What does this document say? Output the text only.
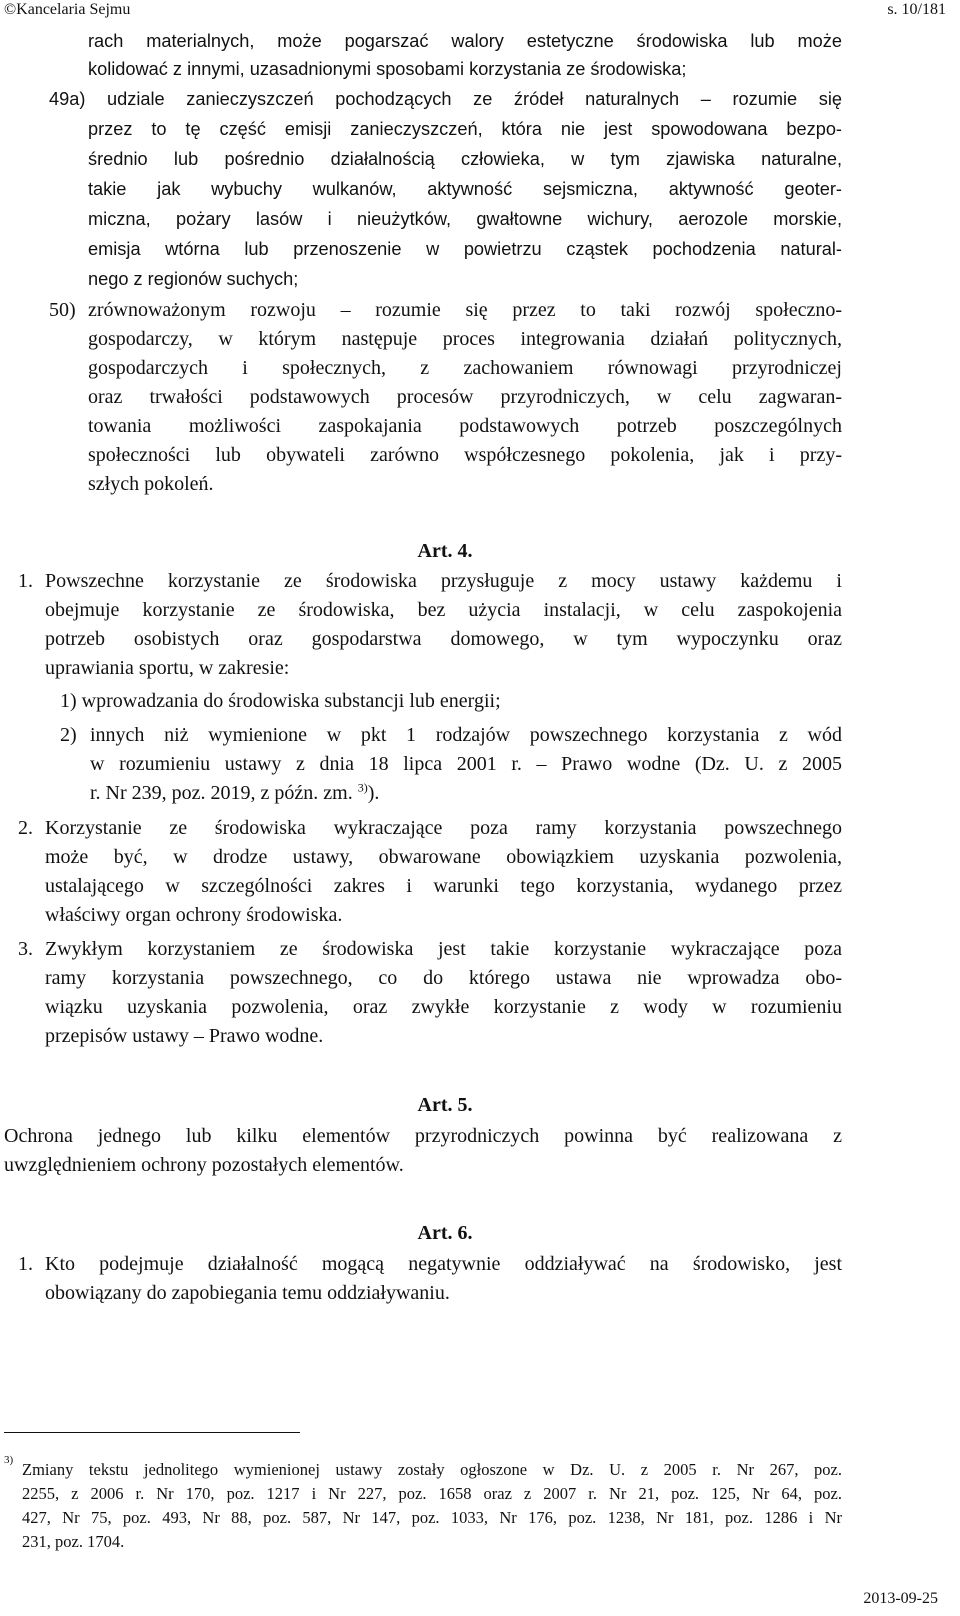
©Kancelaria Sejmu	s. 10/181
rach materialnych, może pogarszać walory estetyczne środowiska lub może
kolidować z innymi, uzasadnionymi sposobami korzystania ze środowiska;
49a) udziale zanieczyszczeń pochodzących ze źródeł naturalnych – rozumie się
przez to tę część emisji zanieczyszczeń, która nie jest spowodowana bezpo-
średnio lub pośrednio działalnością człowieka, w tym zjawiska naturalne,
takie jak wybuchy wulkanów, aktywność sejsmiczna, aktywność geoter-
miczna, pożary lasów i nieużytków, gwałtowne wichury, aerozole morskie,
emisja wtórna lub przenoszenie w powietrzu cząstek pochodzenia natural-
nego z regionów suchych;
50) zrównoważonym rozwoju – rozumie się przez to taki rozwój społeczno-
gospodarczy, w którym następuje proces integrowania działań politycznych,
gospodarczych i społecznych, z zachowaniem równowagi przyrodniczej
oraz trwałości podstawowych procesów przyrodniczych, w celu zagwaran-
towania możliwości zaspokajania podstawowych potrzeb poszczególnych
społeczności lub obywateli zarówno współczesnego pokolenia, jak i przy-
szłych pokoleń.
Art. 4.
1. Powszechne korzystanie ze środowiska przysługuje z mocy ustawy każdemu i
obejmuje korzystanie ze środowiska, bez użycia instalacji, w celu zaspokojenia
potrzeb osobistych oraz gospodarstwa domowego, w tym wypoczynku oraz
uprawiania sportu, w zakresie:
1) wprowadzania do środowiska substancji lub energii;
2) innych niż wymienione w pkt 1 rodzajów powszechnego korzystania z wód
w rozumieniu ustawy z dnia 18 lipca 2001 r. – Prawo wodne (Dz. U. z 2005
r. Nr 239, poz. 2019, z późn. zm. $^{3)}$).
2. Korzystanie ze środowiska wykraczające poza ramy korzystania powszechnego
może być, w drodze ustawy, obwarowane obowiązkiem uzyskania pozwolenia,
ustalającego w szczególności zakres i warunki tego korzystania, wydanego przez
właściwy organ ochrony środowiska.
3. Zwykłym korzystaniem ze środowiska jest takie korzystanie wykraczające poza
ramy korzystania powszechnego, co do którego ustawa nie wprowadza obo-
wiązku uzyskania pozwolenia, oraz zwykłe korzystanie z wody w rozumieniu
przepisów ustawy – Prawo wodne.
Art. 5.
Ochrona jednego lub kilku elementów przyrodniczych powinna być realizowana z
uwzględnieniem ochrony pozostałych elementów.
Art. 6.
1. Kto podejmuje działalność mogącą negatywnie oddziaływać na środowisko, jest
obowiązany do zapobiegania temu oddziaływaniu.
3) Zmiany tekstu jednolitego wymienionej ustawy zostały ogłoszone w Dz. U. z 2005 r. Nr 267, poz.
2255, z 2006 r. Nr 170, poz. 1217 i Nr 227, poz. 1658 oraz z 2007 r. Nr 21, poz. 125, Nr 64, poz.
427, Nr 75, poz. 493, Nr 88, poz. 587, Nr 147, poz. 1033, Nr 176, poz. 1238, Nr 181, poz. 1286 i Nr
231, poz. 1704.
2013-09-25
